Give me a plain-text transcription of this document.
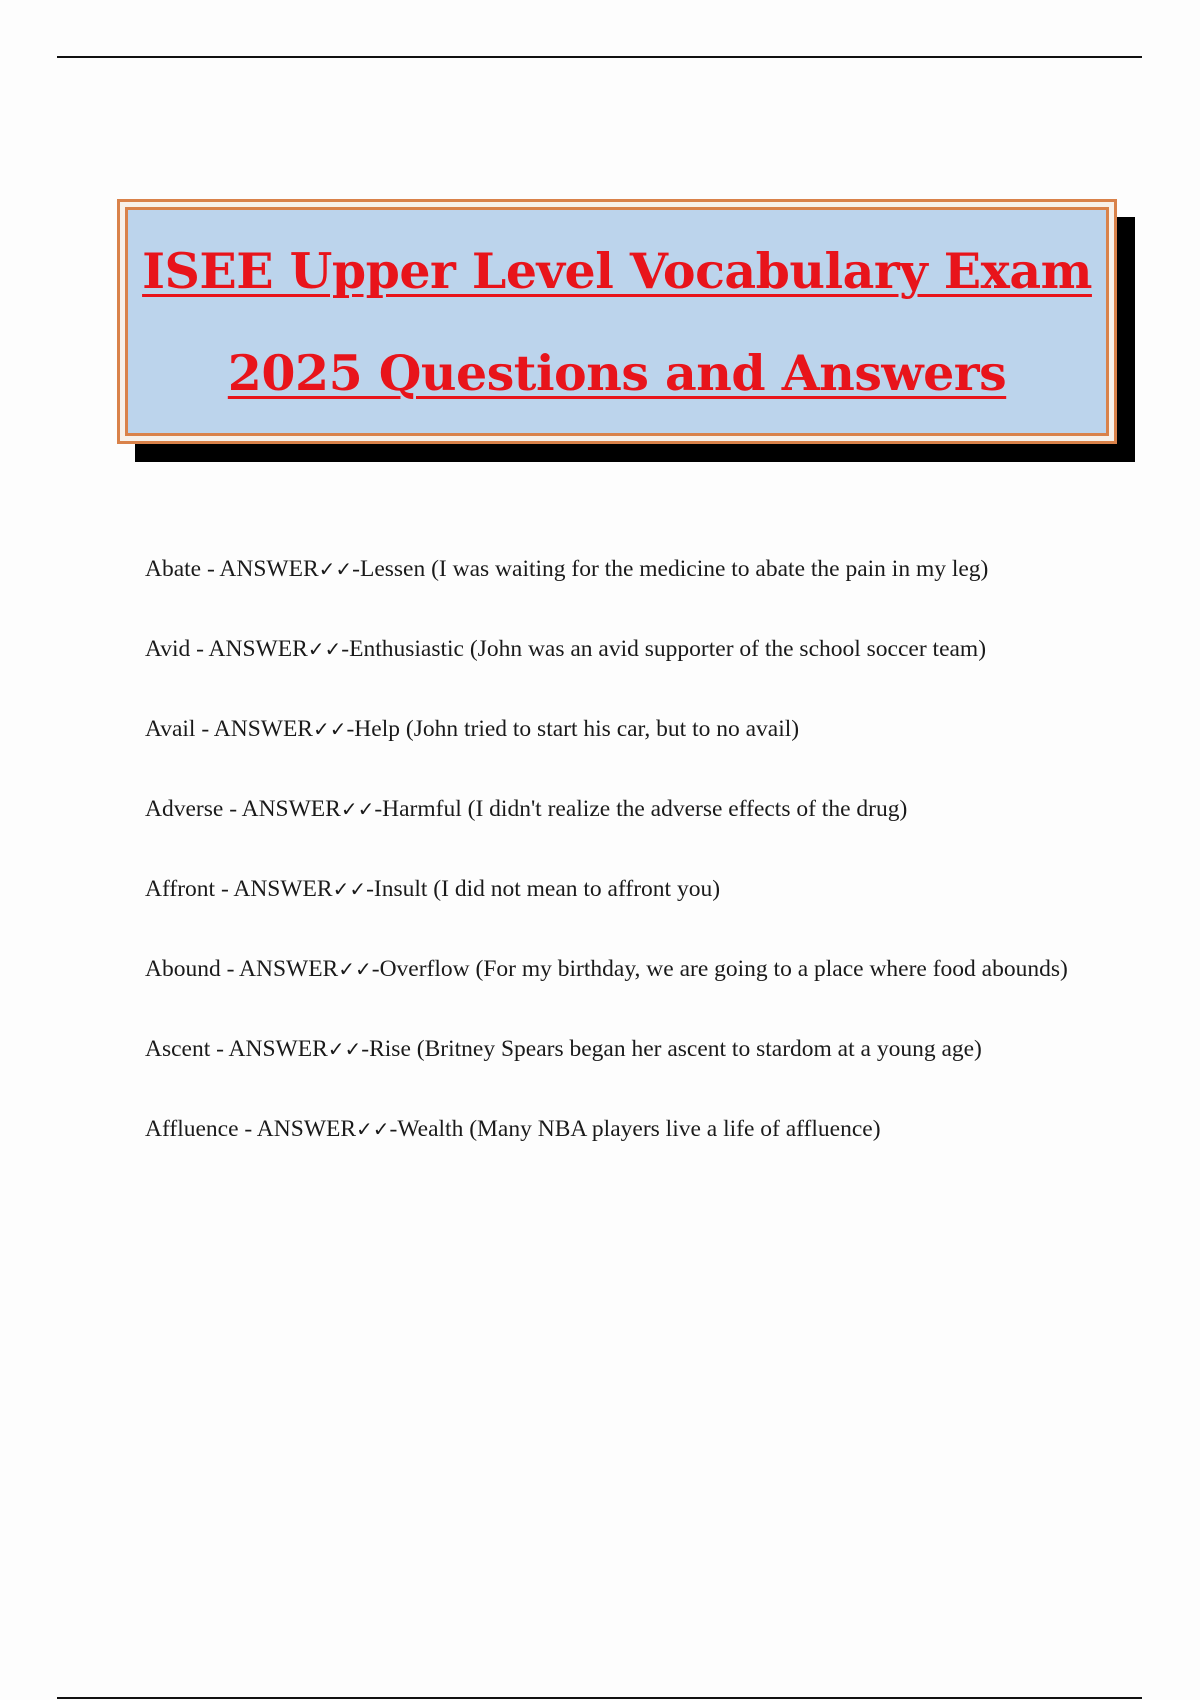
ISEE Upper Level Vocabulary Exam
2025 Questions and Answers

Abate - ANSWER✓✓-Lessen (I was waiting for the medicine to abate the pain in my leg)

Avid - ANSWER✓✓-Enthusiastic (John was an avid supporter of the school soccer team)

Avail - ANSWER✓✓-Help (John tried to start his car, but to no avail)

Adverse - ANSWER✓✓-Harmful (I didn't realize the adverse effects of the drug)

Affront - ANSWER✓✓-Insult (I did not mean to affront you)

Abound - ANSWER✓✓-Overflow (For my birthday, we are going to a place where food abounds)

Ascent - ANSWER✓✓-Rise (Britney Spears began her ascent to stardom at a young age)

Affluence - ANSWER✓✓-Wealth (Many NBA players live a life of affluence)
